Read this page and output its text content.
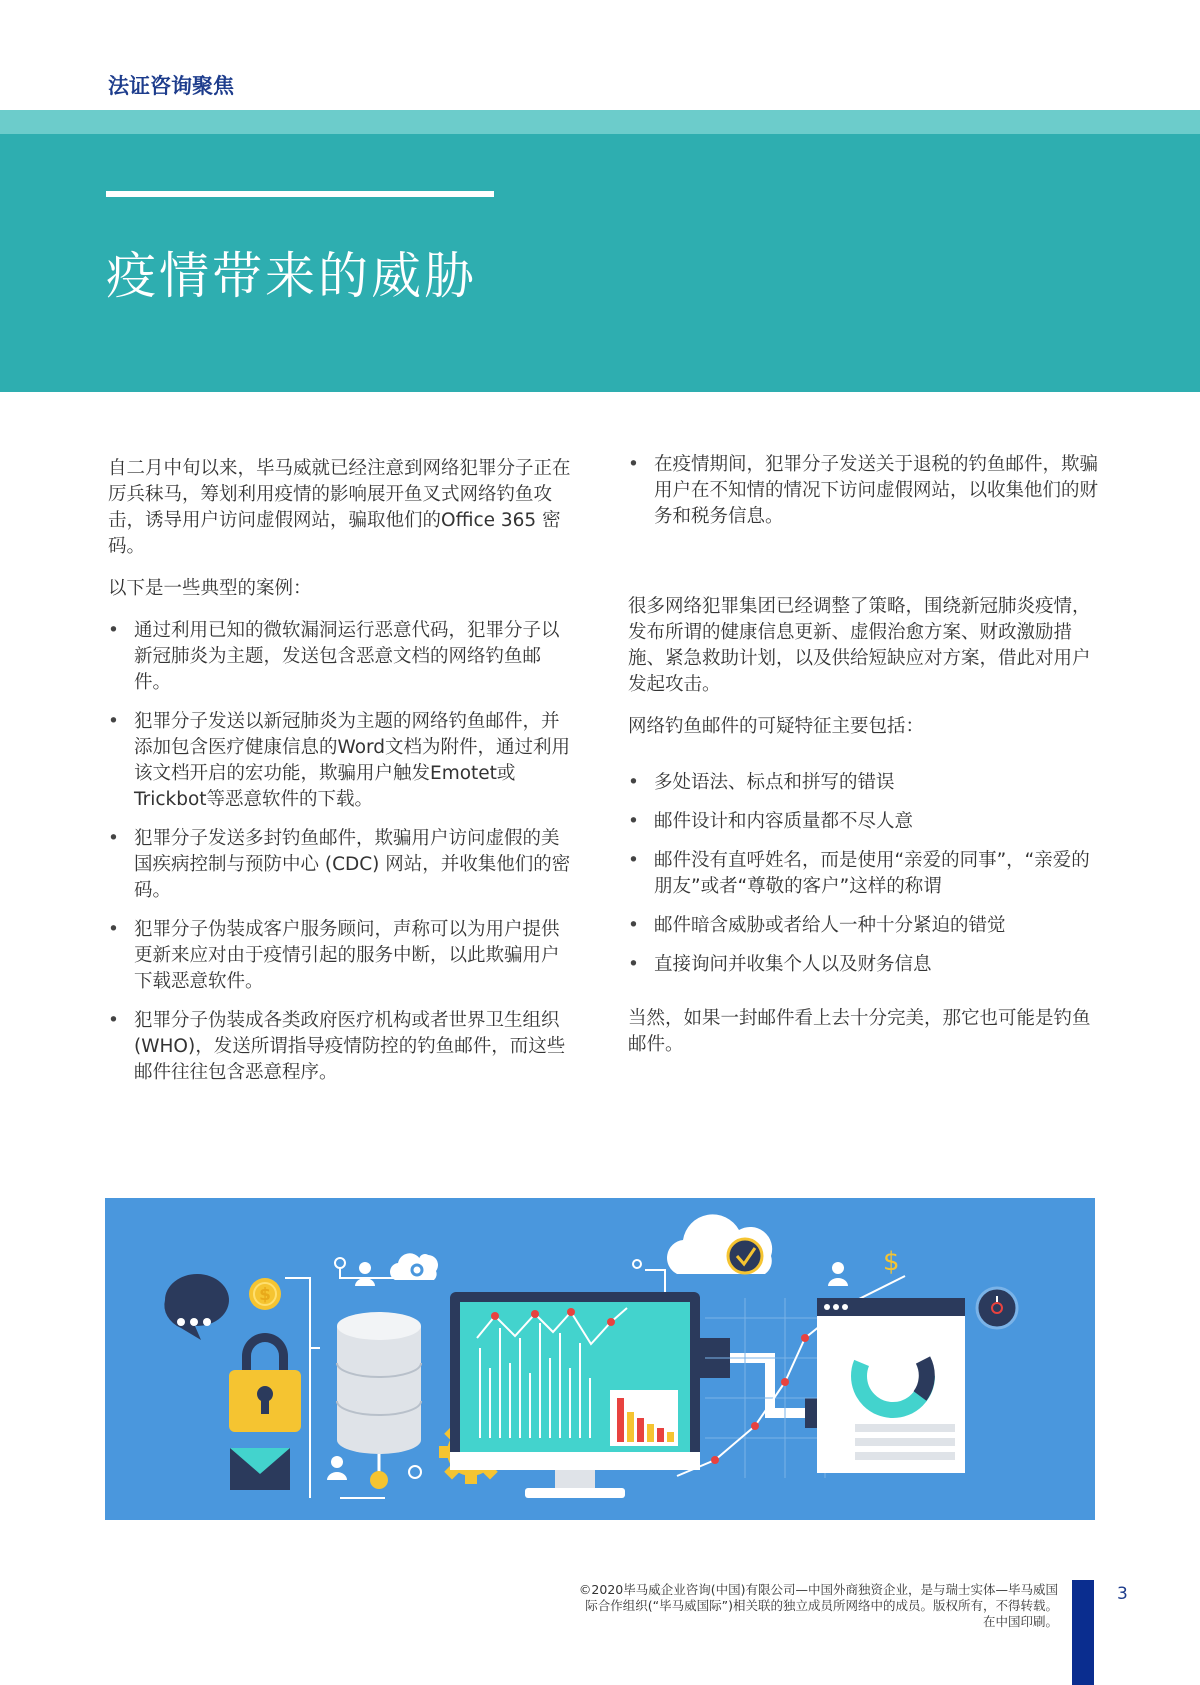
法证咨询聚焦
疫情带来的威胁

自二月中旬以来，毕马威就已经注意到网络犯罪分子正在厉兵秣马，筹划利用疫情的影响展开鱼叉式网络钓鱼攻击，诱导用户访问虚假网站，骗取他们的Office 365 密码。

以下是一些典型的案例：

• 通过利用已知的微软漏洞运行恶意代码，犯罪分子以新冠肺炎为主题，发送包含恶意文档的网络钓鱼邮件。
• 犯罪分子发送以新冠肺炎为主题的网络钓鱼邮件，并添加包含医疗健康信息的Word文档为附件，通过利用该文档开启的宏功能，欺骗用户触发Emotet或Trickbot等恶意软件的下载。
• 犯罪分子发送多封钓鱼邮件，欺骗用户访问虚假的美国疾病控制与预防中心 (CDC) 网站，并收集他们的密码。
• 犯罪分子伪装成客户服务顾问，声称可以为用户提供更新来应对由于疫情引起的服务中断，以此欺骗用户下载恶意软件。
• 犯罪分子伪装成各类政府医疗机构或者世界卫生组织 (WHO)，发送所谓指导疫情防控的钓鱼邮件，而这些邮件往往包含恶意程序。
• 在疫情期间，犯罪分子发送关于退税的钓鱼邮件，欺骗用户在不知情的情况下访问虚假网站，以收集他们的财务和税务信息。

很多网络犯罪集团已经调整了策略，围绕新冠肺炎疫情，发布所谓的健康信息更新、虚假治愈方案、财政激励措施、紧急救助计划，以及供给短缺应对方案，借此对用户发起攻击。

网络钓鱼邮件的可疑特征主要包括：

• 多处语法、标点和拼写的错误
• 邮件设计和内容质量都不尽人意
• 邮件没有直呼姓名，而是使用“亲爱的同事”，“亲爱的朋友”或者“尊敬的客户”这样的称谓
• 邮件暗含威胁或者给人一种十分紧迫的错觉
• 直接询问并收集个人以及财务信息

当然，如果一封邮件看上去十分完美，那它也可能是钓鱼邮件。

$
$
©2020毕马威企业咨询(中国)有限公司—中国外商独资企业，是与瑞士实体—毕马威国
际合作组织(“毕马威国际”)相关联的独立成员所网络中的成员。版权所有，不得转载。
在中国印刷。
3
